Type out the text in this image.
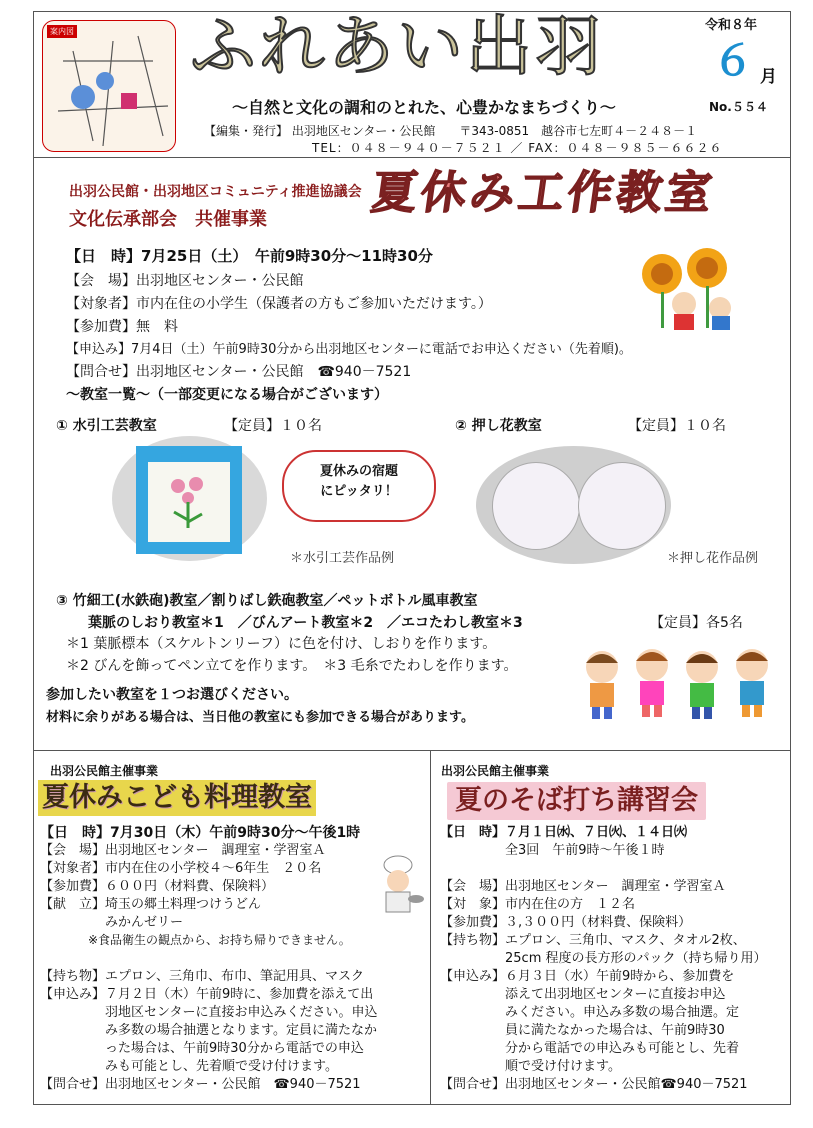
案内図 ふれあい出羽	令和８年
６ 月
No.５５４
～自然と文化の調和のとれた、心豊かなまちづくり～
【編集・発行】 出羽地区センター・公民館　　〒343-0851　越谷市七左町４－２４８－１
TEL：０４８－９４０－７５２１ ／ FAX：０４８－９８５－６６２６
出羽公民館・出羽地区コミュニティ推進協議会
文化伝承部会　共催事業
夏休み工作教室
【日　時】7月25日（土）　午前9時30分～11時30分
【会　場】出羽地区センター・公民館
【対象者】市内在住の小学生（保護者の方もご参加いただけます。）
【参加費】無　料
【申込み】7月4日（土）午前9時30分から出羽地区センターに電話でお申込ください（先着順)。
【問合せ】出羽地区センター・公民館　☎940－7521
～教室一覧～（一部変更になる場合がございます）
① 水引工芸教室	【定員】１０名	② 押し花教室	【定員】１０名
夏休みの宿題
にピッタリ！
＊水引工芸作品例	＊押し花作品例
③ 竹細工(水鉄砲)教室／割りばし鉄砲教室／ペットボトル風車教室
葉脈のしおり教室＊1　／びんアート教室＊2　／エコたわし教室＊3	【定員】各5名
＊1 葉脈標本（スケルトンリーフ）に色を付け、しおりを作ります。
＊2 びんを飾ってペン立てを作ります。　＊3 毛糸でたわしを作ります。
参加したい教室を１つお選びください。
材料に余りがある場合は、当日他の教室にも参加できる場合があります。
出羽公民館主催事業
夏休みこども料理教室
【日　時】7月30日（木）午前9時30分～午後1時
【会　場】出羽地区センター　調理室・学習室Ａ
【対象者】市内在住の小学校４～6年生　２０名
【参加費】６００円（材料費、保険料）
【献　立】埼玉の郷土料理つけうどん
　　　　　みかんゼリー
　　　　※食品衛生の観点から、お持ち帰りできません。
【持ち物】エプロン、三角巾、布巾、筆記用具、マスク
【申込み】７月２日（木）午前9時に、参加費を添えて出
　　　　　羽地区センターに直接お申込みください。申込
　　　　　み多数の場合抽選となります。定員に満たなか
　　　　　った場合は、午前9時30分から電話での申込
　　　　　みも可能とし、先着順で受け付けます。
【問合せ】出羽地区センター・公民館　☎940－7521
出羽公民館主催事業
夏のそば打ち講習会
【日　時】７月１日㈬、７日㈫、１４日㈫
　　　　　全3回　午前9時～午後１時
【会　場】出羽地区センター　調理室・学習室Ａ
【対　象】市内在住の方　１２名
【参加費】３,３００円（材料費、保険料）
【持ち物】エプロン、三角巾、マスク、タオル2枚、
　　　　　25cm 程度の長方形のパック（持ち帰り用）
【申込み】６月３日（水）午前9時から、参加費を
　　　　　添えて出羽地区センターに直接お申込
　　　　　みください。申込み多数の場合抽選。定
　　　　　員に満たなかった場合は、午前9時30
　　　　　分から電話での申込みも可能とし、先着
　　　　　順で受け付けます。
【問合せ】出羽地区センター・公民館☎940－7521
